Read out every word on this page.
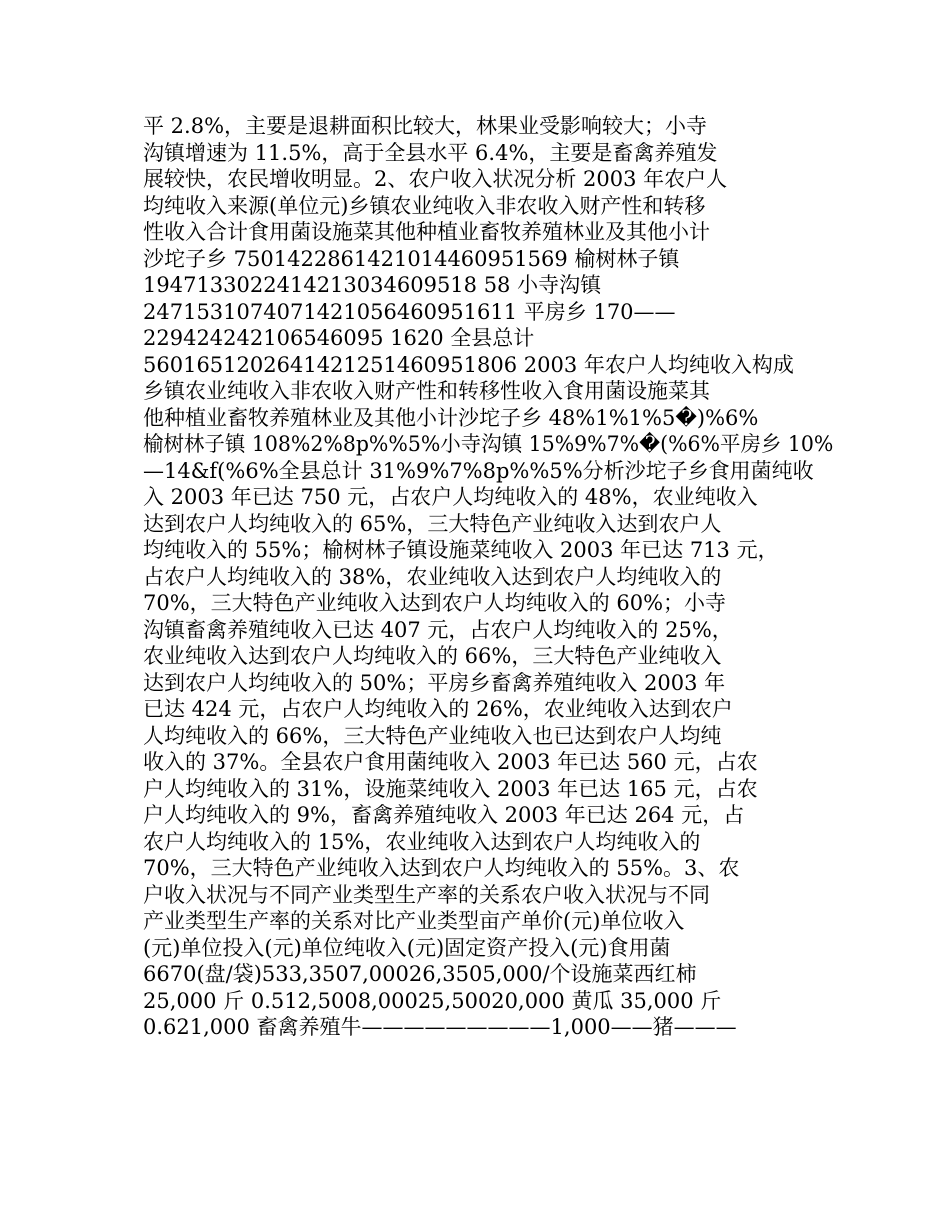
平 2.8%，主要是退耕面积比较大，林果业受影响较大；小寺
沟镇增速为 11.5%，高于全县水平 6.4%，主要是畜禽养殖发
展较快，农民增收明显。2、农户收入状况分析 2003 年农户人
均纯收入来源(单位元)乡镇农业纯收入非农收入财产性和转移
性收入合计食用菌设施菜其他种植业畜牧养殖林业及其他小计
沙坨子乡 7501422861421014460951569 榆树林子镇
1947133022414213034609518 58 小寺沟镇
2471531074071421056460951611 平房乡 170——
229424242106546095 1620 全县总计
5601651202641421251460951806 2003 年农户人均纯收入构成
乡镇农业纯收入非农收入财产性和转移性收入食用菌设施菜其
他种植业畜牧养殖林业及其他小计沙坨子乡 48%1%1%5�)%6%
榆树林子镇 108%2%8p%%5%小寺沟镇 15%9%7%�(%6%平房乡 10%
—14&f(%6%全县总计 31%9%7%8p%%5%分析沙坨子乡食用菌纯收
入 2003 年已达 750 元，占农户人均纯收入的 48%，农业纯收入
达到农户人均纯收入的 65%，三大特色产业纯收入达到农户人
均纯收入的 55%；榆树林子镇设施菜纯收入 2003 年已达 713 元，
占农户人均纯收入的 38%，农业纯收入达到农户人均纯收入的
70%，三大特色产业纯收入达到农户人均纯收入的 60%；小寺
沟镇畜禽养殖纯收入已达 407 元，占农户人均纯收入的 25%，
农业纯收入达到农户人均纯收入的 66%，三大特色产业纯收入
达到农户人均纯收入的 50%；平房乡畜禽养殖纯收入 2003 年
已达 424 元，占农户人均纯收入的 26%，农业纯收入达到农户
人均纯收入的 66%，三大特色产业纯收入也已达到农户人均纯
收入的 37%。全县农户食用菌纯收入 2003 年已达 560 元，占农
户人均纯收入的 31%，设施菜纯收入 2003 年已达 165 元，占农
户人均纯收入的 9%，畜禽养殖纯收入 2003 年已达 264 元，占
农户人均纯收入的 15%，农业纯收入达到农户人均纯收入的
70%，三大特色产业纯收入达到农户人均纯收入的 55%。3、农
户收入状况与不同产业类型生产率的关系农户收入状况与不同
产业类型生产率的关系对比产业类型亩产单价(元)单位收入
(元)单位投入(元)单位纯收入(元)固定资产投入(元)食用菌
6670(盘/袋)533,3507,00026,3505,000/个设施菜西红柿
25,000 斤 0.512,5008,00025,50020,000 黄瓜 35,000 斤
0.621,000 畜禽养殖牛—————————1,000——猪———
